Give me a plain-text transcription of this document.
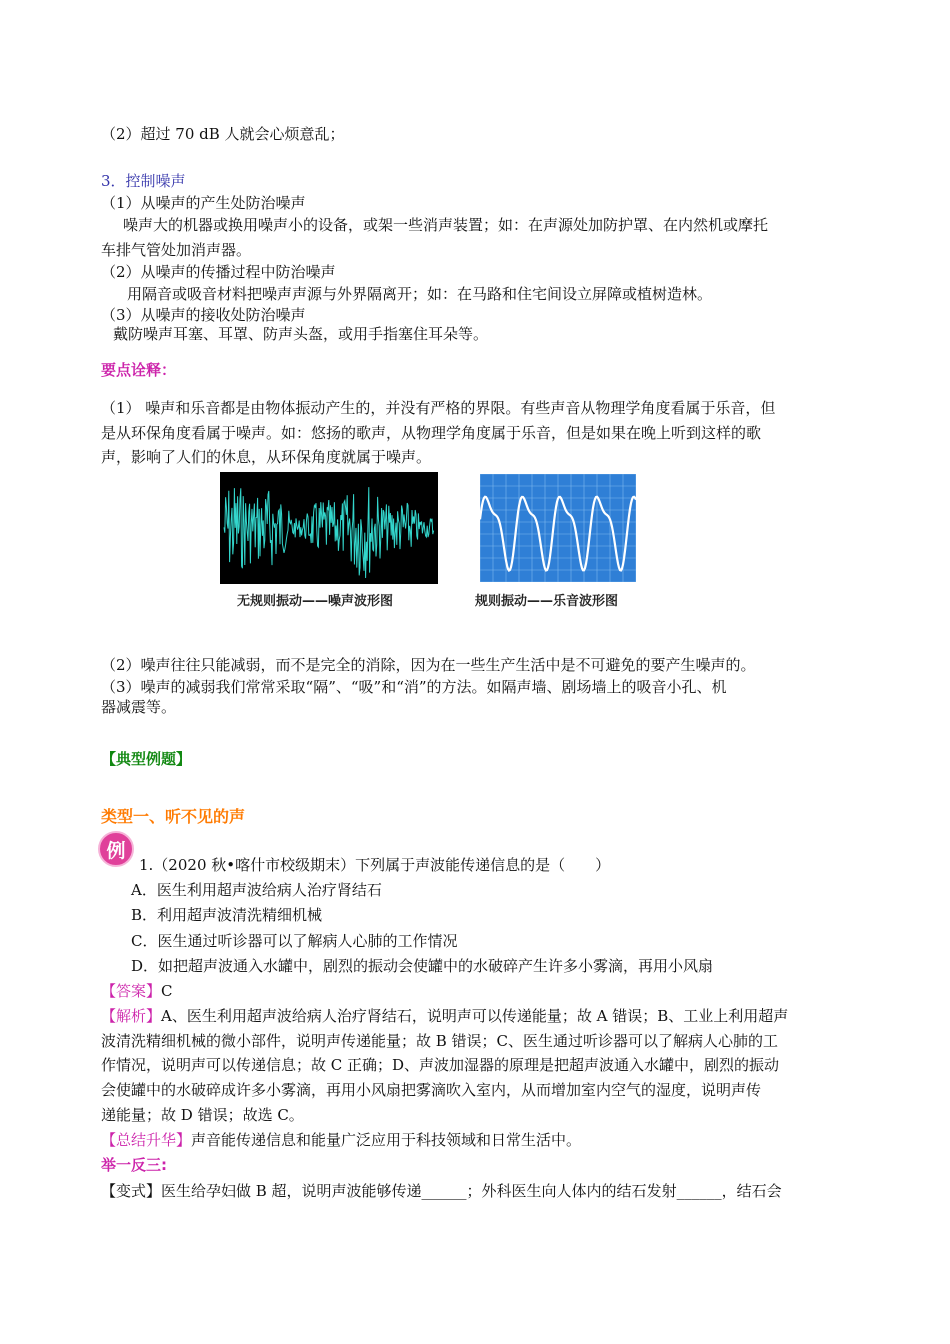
（2）超过 70 dB 人就会心烦意乱；
3．控制噪声
（1）从噪声的产生处防治噪声
噪声大的机器或换用噪声小的设备，或架一些消声装置；如：在声源处加防护罩、在内然机或摩托
车排气管处加消声器。
（2）从噪声的传播过程中防治噪声
用隔音或吸音材料把噪声声源与外界隔离开；如：在马路和住宅间设立屏障或植树造林。
（3）从噪声的接收处防治噪声
戴防噪声耳塞、耳罩、防声头盔，或用手指塞住耳朵等。
要点诠释：
（1） 噪声和乐音都是由物体振动产生的，并没有严格的界限。有些声音从物理学角度看属于乐音，但
是从环保角度看属于噪声。如：悠扬的歌声，从物理学角度属于乐音，但是如果在晚上听到这样的歌
声，影响了人们的休息，从环保角度就属于噪声。
无规则振动——噪声波形图	规则振动——乐音波形图
（2）噪声往往只能减弱，而不是完全的消除，因为在一些生产生活中是不可避免的要产生噪声的。
（3）噪声的减弱我们常常采取“隔”、“吸”和“消”的方法。如隔声墙、剧场墙上的吸音小孔、机
器减震等。
【典型例题】
类型一、听不见的声
例
1.（2020 秋•喀什市校级期末）下列属于声波能传递信息的是（　　）
A．医生利用超声波给病人治疗肾结石
B．利用超声波清洗精细机械
C．医生通过听诊器可以了解病人心肺的工作情况
D．如把超声波通入水罐中，剧烈的振动会使罐中的水破碎产生许多小雾滴，再用小风扇
【答案】C
【解析】A、医生利用超声波给病人治疗肾结石，说明声可以传递能量；故 A 错误；B、工业上利用超声
波清洗精细机械的微小部件，说明声传递能量；故 B 错误；C、医生通过听诊器可以了解病人心肺的工
作情况，说明声可以传递信息；故 C 正确；D、声波加湿器的原理是把超声波通入水罐中，剧烈的振动
会使罐中的水破碎成许多小雾滴，再用小风扇把雾滴吹入室内，从而增加室内空气的湿度，说明声传
递能量；故 D 错误；故选 C。
【总结升华】声音能传递信息和能量广泛应用于科技领域和日常生活中。
举一反三:
【变式】医生给孕妇做 B 超，说明声波能够传递______；外科医生向人体内的结石发射______，结石会
